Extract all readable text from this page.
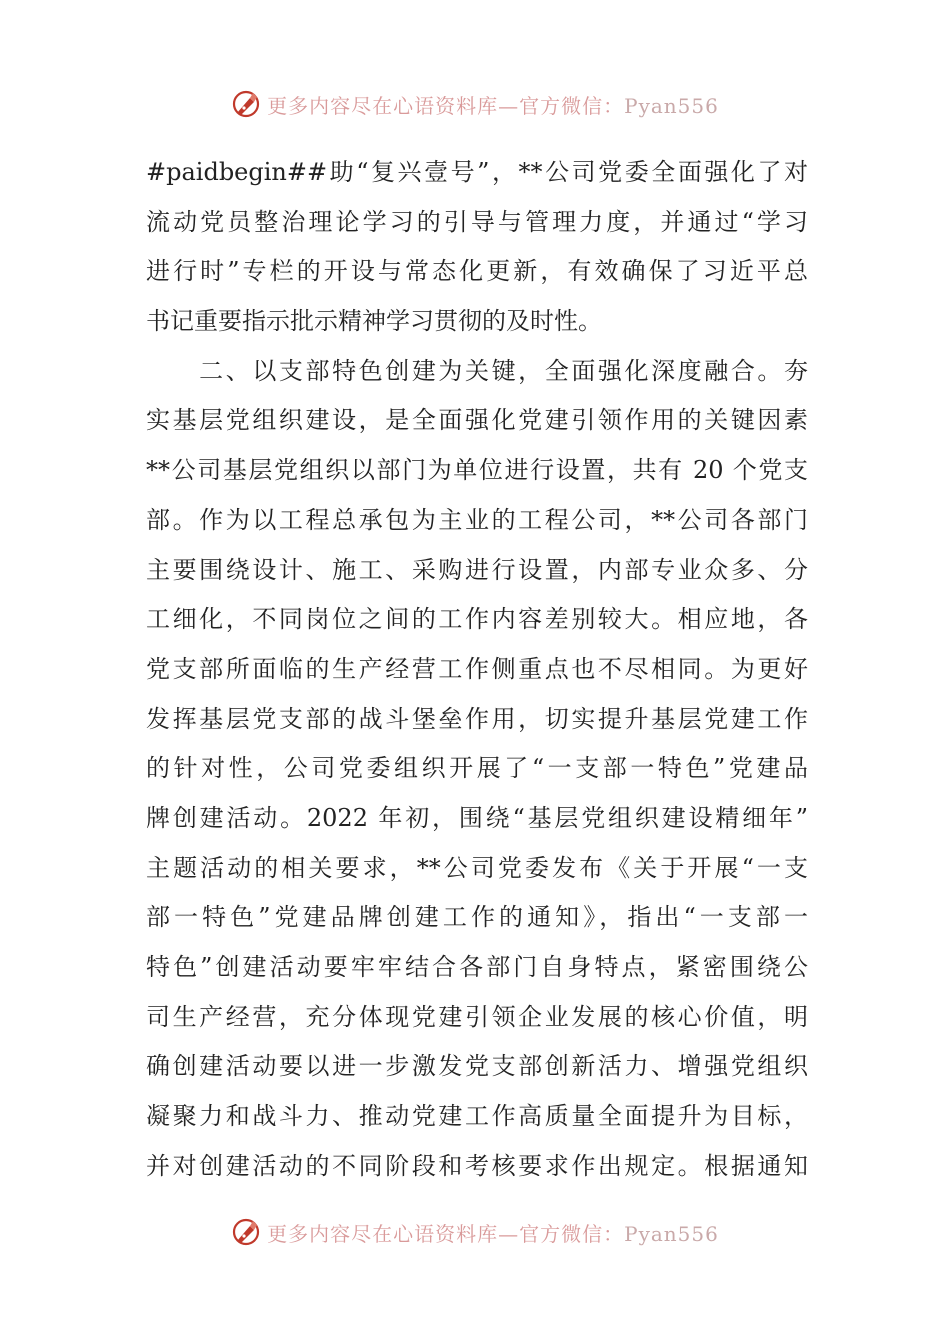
更多内容尽在心语资料库—官方微信：Pyan556
#paidbegin##助“复兴壹号”，**公司党委全面强化了对
流动党员整治理论学习的引导与管理力度，并通过“学习
进行时”专栏的开设与常态化更新，有效确保了习近平总
书记重要指示批示精神学习贯彻的及时性。
　　二、以支部特色创建为关键，全面强化深度融合。夯
实基层党组织建设，是全面强化党建引领作用的关键因素
**公司基层党组织以部门为单位进行设置，共有 20 个党支
部。作为以工程总承包为主业的工程公司，**公司各部门
主要围绕设计、施工、采购进行设置，内部专业众多、分
工细化，不同岗位之间的工作内容差别较大。相应地，各
党支部所面临的生产经营工作侧重点也不尽相同。为更好
发挥基层党支部的战斗堡垒作用，切实提升基层党建工作
的针对性，公司党委组织开展了“一支部一特色”党建品
牌创建活动。2022 年初，围绕“基层党组织建设精细年”
主题活动的相关要求，**公司党委发布《关于开展“一支
部一特色”党建品牌创建工作的通知》，指出“一支部一
特色”创建活动要牢牢结合各部门自身特点，紧密围绕公
司生产经营，充分体现党建引领企业发展的核心价值，明
确创建活动要以进一步激发党支部创新活力、增强党组织
凝聚力和战斗力、推动党建工作高质量全面提升为目标，
并对创建活动的不同阶段和考核要求作出规定。根据通知
更多内容尽在心语资料库—官方微信：Pyan556
